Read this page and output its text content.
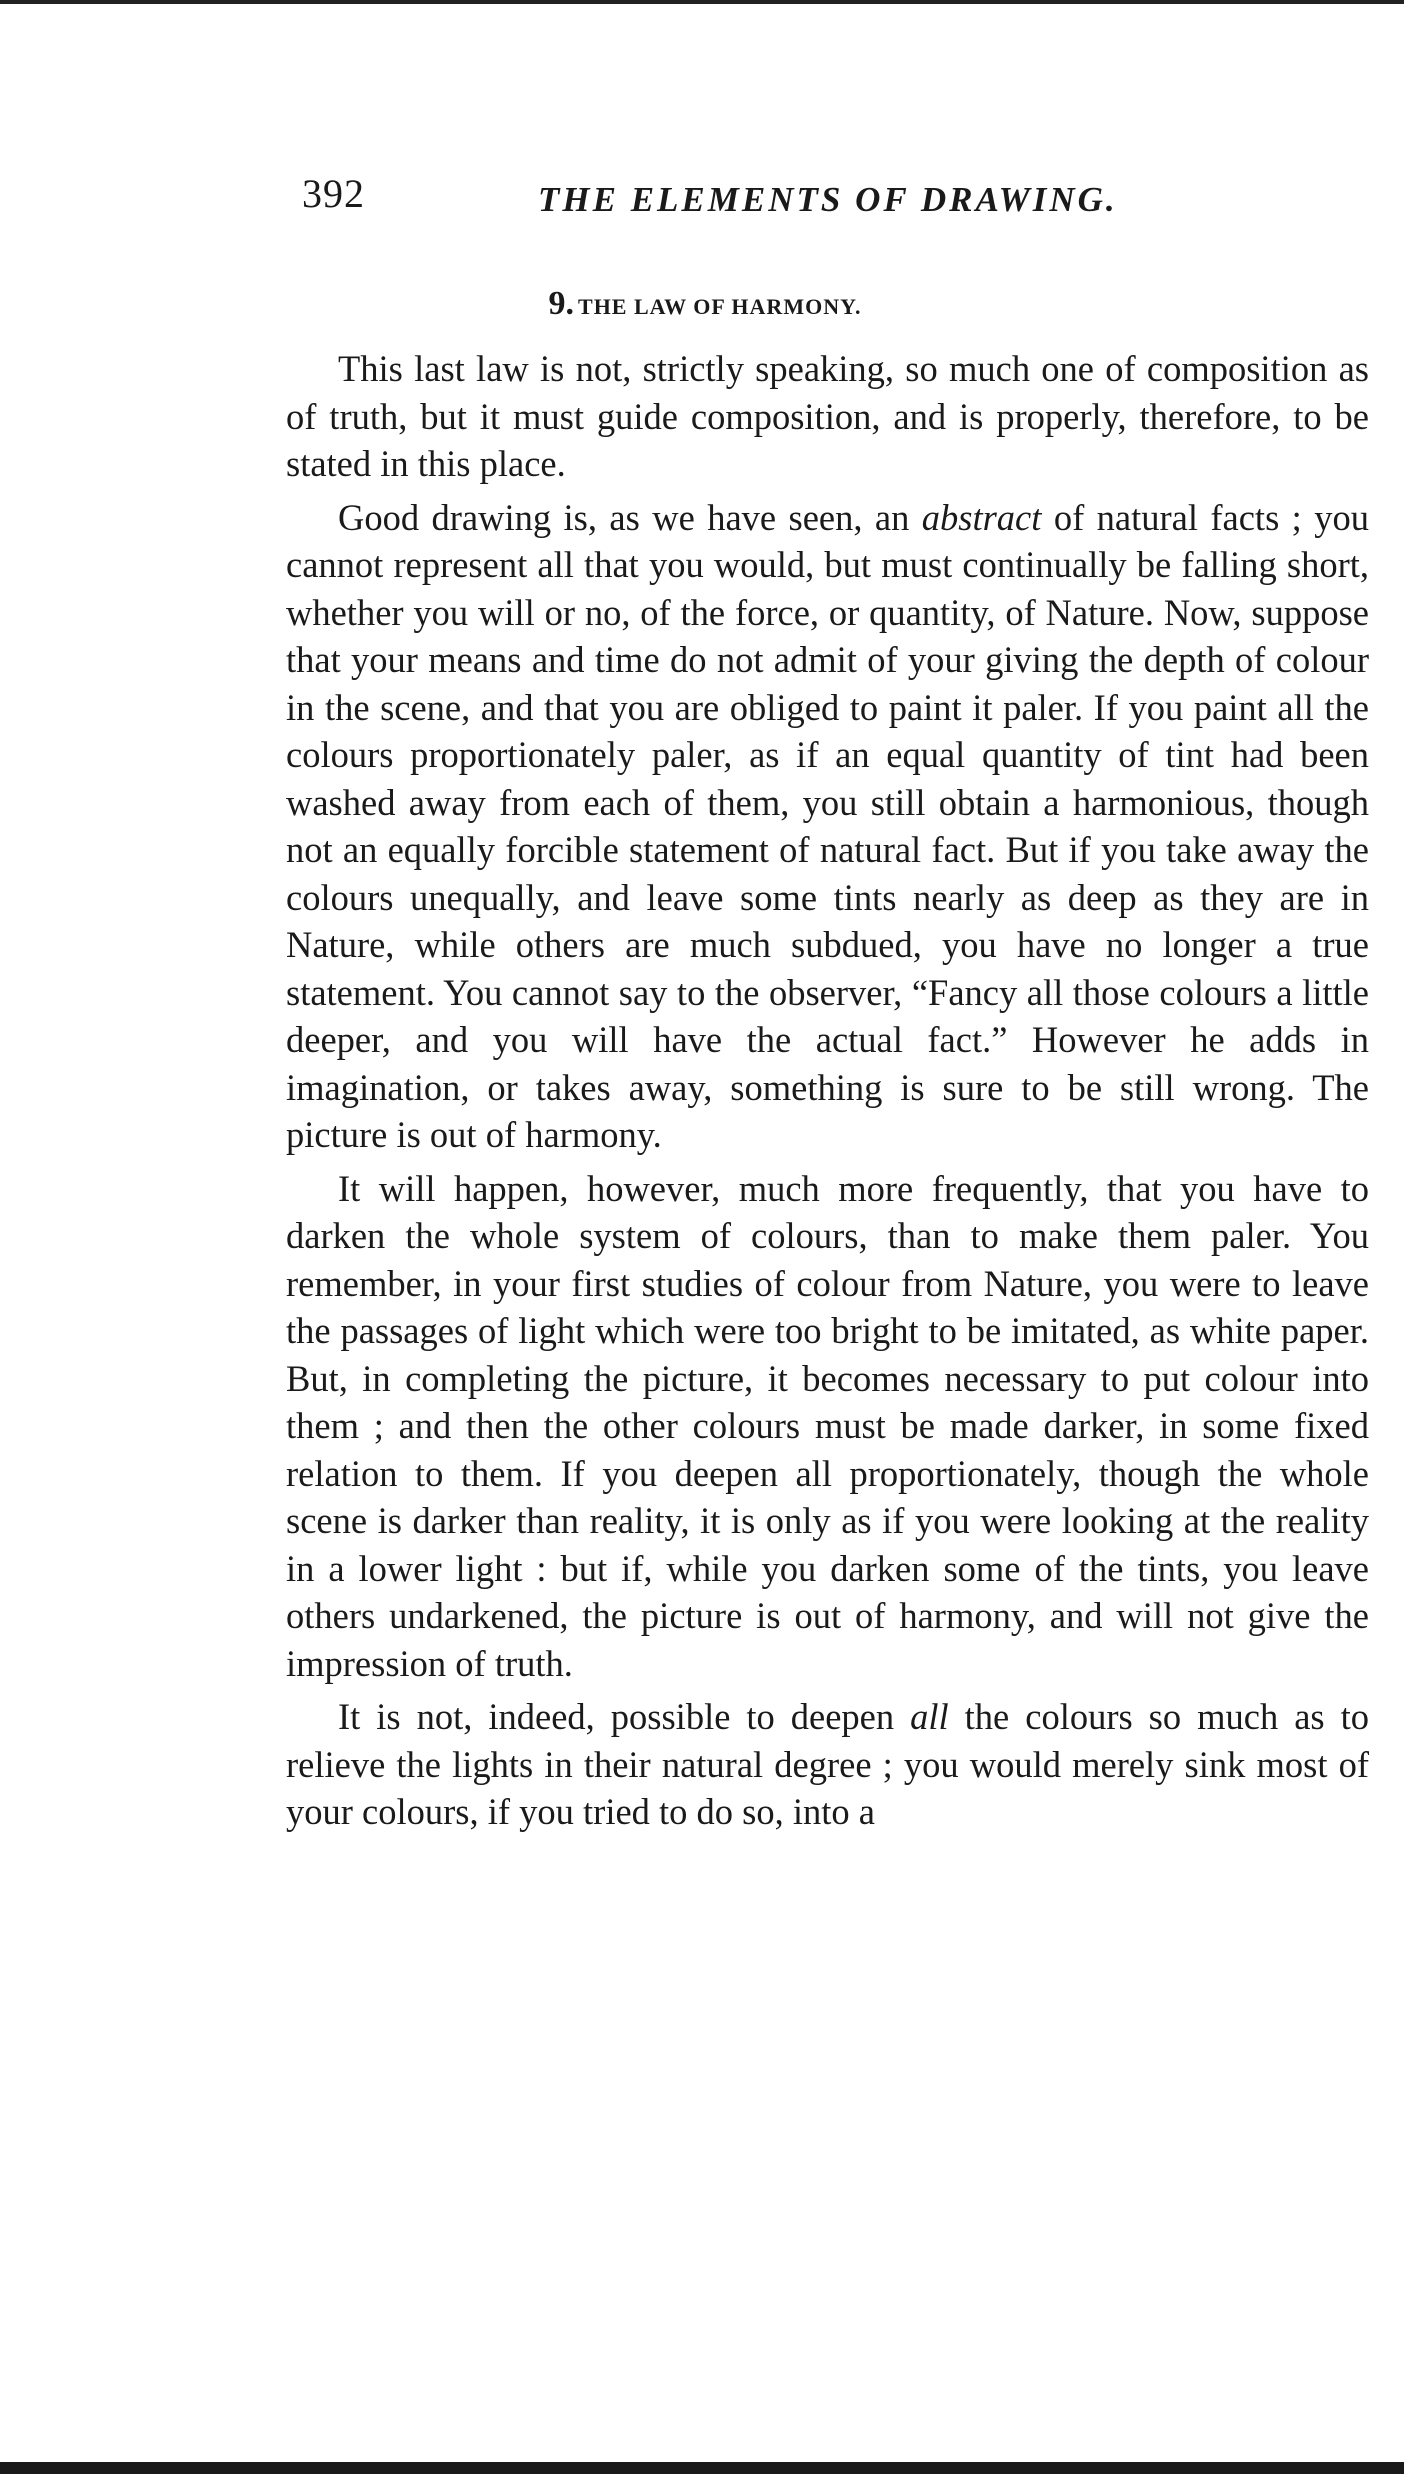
392	THE ELEMENTS OF DRAWING.
9. THE LAW OF HARMONY.

This last law is not, strictly speaking, so much one of composition as of truth, but it must guide composition, and is properly, therefore, to be stated in this place.

Good drawing is, as we have seen, an abstract of natural facts ; you cannot represent all that you would, but must continually be falling short, whether you will or no, of the force, or quantity, of Nature. Now, suppose that your means and time do not admit of your giving the depth of colour in the scene, and that you are obliged to paint it paler. If you paint all the colours proportionately paler, as if an equal quantity of tint had been washed away from each of them, you still obtain a harmonious, though not an equally forcible statement of natural fact. But if you take away the colours unequally, and leave some tints nearly as deep as they are in Nature, while others are much subdued, you have no longer a true statement. You cannot say to the observer, “Fancy all those colours a little deeper, and you will have the actual fact.” However he adds in imagination, or takes away, something is sure to be still wrong. The picture is out of harmony.

It will happen, however, much more frequently, that you have to darken the whole system of colours, than to make them paler. You remember, in your first studies of colour from Nature, you were to leave the passages of light which were too bright to be imitated, as white paper. But, in completing the picture, it becomes necessary to put colour into them ; and then the other colours must be made darker, in some fixed relation to them. If you deepen all proportionately, though the whole scene is darker than reality, it is only as if you were looking at the reality in a lower light : but if, while you darken some of the tints, you leave others undarkened, the picture is out of harmony, and will not give the impression of truth.

It is not, indeed, possible to deepen all the colours so much as to relieve the lights in their natural degree ; you would merely sink most of your colours, if you tried to do so, into a
